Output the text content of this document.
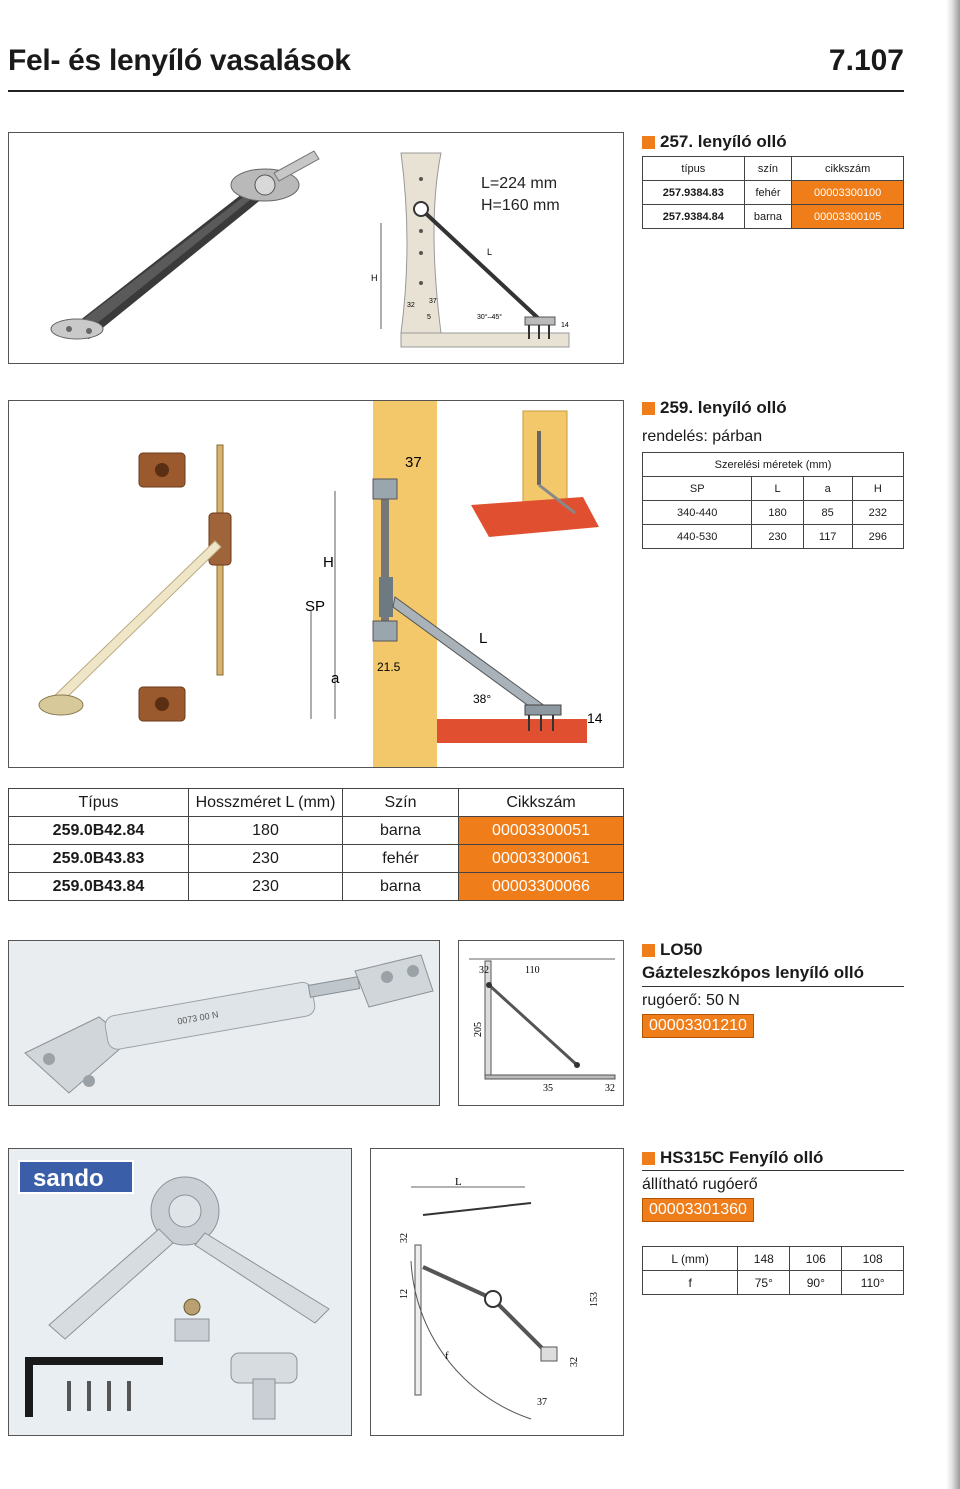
Fel- és lenyíló vasalások	7.107
H
L
32
37
5	30°–45°
14
L=224 mm
H=160 mm
257. lenyíló olló
típus	szín	cikkszám
257.9384.83	fehér	00003300100
257.9384.84	barna	00003300105
37
H
SP
L
a
21.5
38°
14
259. lenyíló olló
rendelés: párban
Szerelési méretek (mm)			
SP	L	a	H
340-440	180	85	232
440-530	230	117	296
Típus	Hosszméret L (mm)	Szín	Cikkszám
259.0B42.84	180	barna	00003300051
259.0B43.83	230	fehér	00003300061
259.0B43.84	230	barna	00003300066
0073 00 N
32	110
205
35	32
LO50
Gázteleszkópos lenyíló olló
rugóerő: 50 N
00003301210
sando	L
32
12	153
32
37
f
HS315C Fenyíló olló
állítható rugóerő
00003301360
L (mm)	148	106	108
f	75°	90°	110°
